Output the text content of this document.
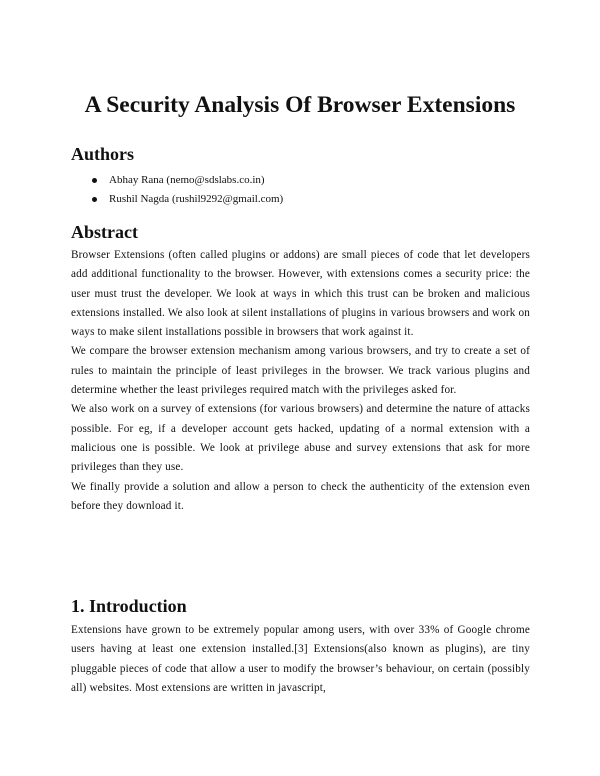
A Security Analysis Of Browser Extensions
Authors
Abhay Rana (nemo@sdslabs.co.in)
Rushil Nagda (rushil9292@gmail.com)
Abstract

Browser Extensions (often called plugins or addons) are small pieces of code that let developers add additional functionality to the browser. However, with extensions comes a security price: the user must trust the developer. We look at ways in which this trust can be broken and malicious extensions installed. We also look at silent installations of plugins in various browsers and work on ways to make silent installations possible in browsers that work against it.

We compare the browser extension mechanism among various browsers, and try to create a set of rules to maintain the principle of least privileges in the browser. We track various plugins and determine whether the least privileges required match with the privileges asked for.

We also work on a survey of extensions (for various browsers) and determine the nature of attacks possible. For eg, if a developer account gets hacked, updating of a normal extension with a malicious one is possible. We look at privilege abuse and survey extensions that ask for more privileges than they use.

We finally provide a solution and allow a person to check the authenticity of the extension even before they download it.

1. Introduction

Extensions have grown to be extremely popular among users, with over 33% of Google chrome users having at least one extension installed.[3] Extensions(also known as plugins), are tiny pluggable pieces of code that allow a user to modify the browser’s behaviour, on certain (possibly all) websites. Most extensions are written in javascript,
